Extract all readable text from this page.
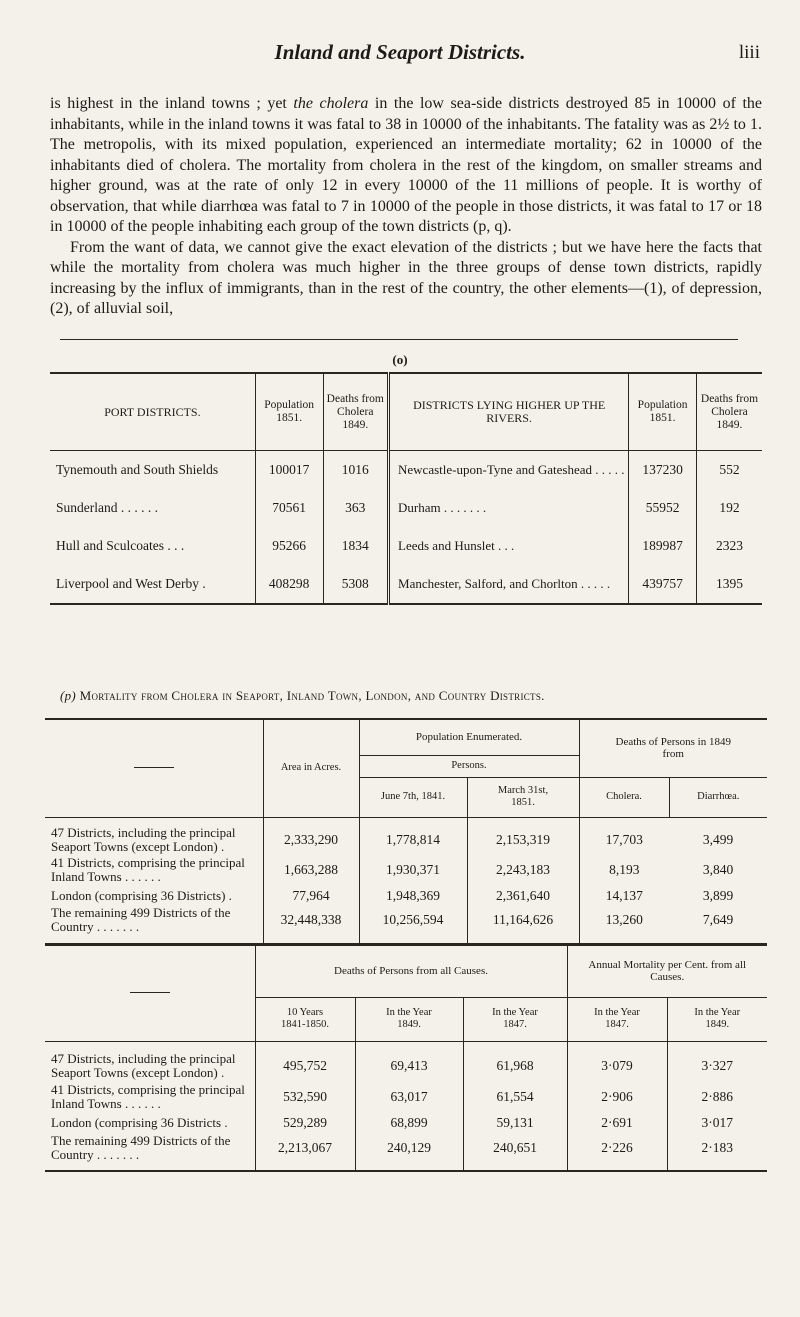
Inland and Seaport Districts.	liii

is highest in the inland towns ; yet the cholera in the low sea-side districts destroyed 85 in 10000 of the inhabitants, while in the inland towns it was fatal to 38 in 10000 of the inhabitants. The fatality was as 2½ to 1. The metropolis, with its mixed population, experienced an intermediate mortality; 62 in 10000 of the inhabitants died of cholera. The mortality from cholera in the rest of the kingdom, on smaller streams and higher ground, was at the rate of only 12 in every 10000 of the 11 millions of people. It is worthy of observation, that while diarrhœa was fatal to 7 in 10000 of the people in those districts, it was fatal to 17 or 18 in 10000 of the people inhabiting each group of the town districts (p, q).

From the want of data, we cannot give the exact elevation of the districts ; but we have here the facts that while the mortality from cholera was much higher in the three groups of dense town districts, rapidly increasing by the influx of immigrants, than in the rest of the country, the other elements—(1), of depression, (2), of alluvial soil,

(o)
PORT DISTRICTS.	Population 1851.	Deaths from Cholera 1849.	DISTRICTS LYING HIGHER UP THE RIVERS.	Population 1851.	Deaths from Cholera 1849.
Tynemouth and South Shields	100017	1016	Newcastle-upon-Tyne and Gateshead . . . . .	137230	552
Sunderland . . . . . .	70561	363	Durham . . . . . . .	55952	192
Hull and Sculcoates . . .	95266	1834	Leeds and Hunslet . . .	189987	2323
Liverpool and West Derby .	408298	5308	Manchester, Salford, and Chorlton . . . . .	439757	1395
(p) Mortality from Cholera in Seaport, Inland Town, London, and Country Districts.
	Area in Acres.	Population Enumerated.		Deaths of Persons in 1849 from	
		Persons.			
		June 7th, 1841.	March 31st, 1851.	Cholera.	Diarrhœa.
47 Districts, including the principal Seaport Towns (except London) .	2,333,290	1,778,814	2,153,319	17,703	3,499
41 Districts, comprising the principal Inland Towns . . . . . .	1,663,288	1,930,371	2,243,183	8,193	3,840
London (comprising 36 Districts) .	77,964	1,948,369	2,361,640	14,137	3,899
The remaining 499 Districts of the Country . . . . . . .	32,448,338	10,256,594	11,164,626	13,260	7,649
	Deaths of Persons from all Causes.			Annual Mortality per Cent. from all Causes.	
	10 Years 1841-1850.	In the Year 1849.	In the Year 1847.	In the Year 1847.	In the Year 1849.
47 Districts, including the principal Seaport Towns (except London) .	495,752	69,413	61,968	3·079	3·327
41 Districts, comprising the principal Inland Towns . . . . . .	532,590	63,017	61,554	2·906	2·886
London (comprising 36 Districts .	529,289	68,899	59,131	2·691	3·017
The remaining 499 Districts of the Country . . . . . . .	2,213,067	240,129	240,651	2·226	2·183
